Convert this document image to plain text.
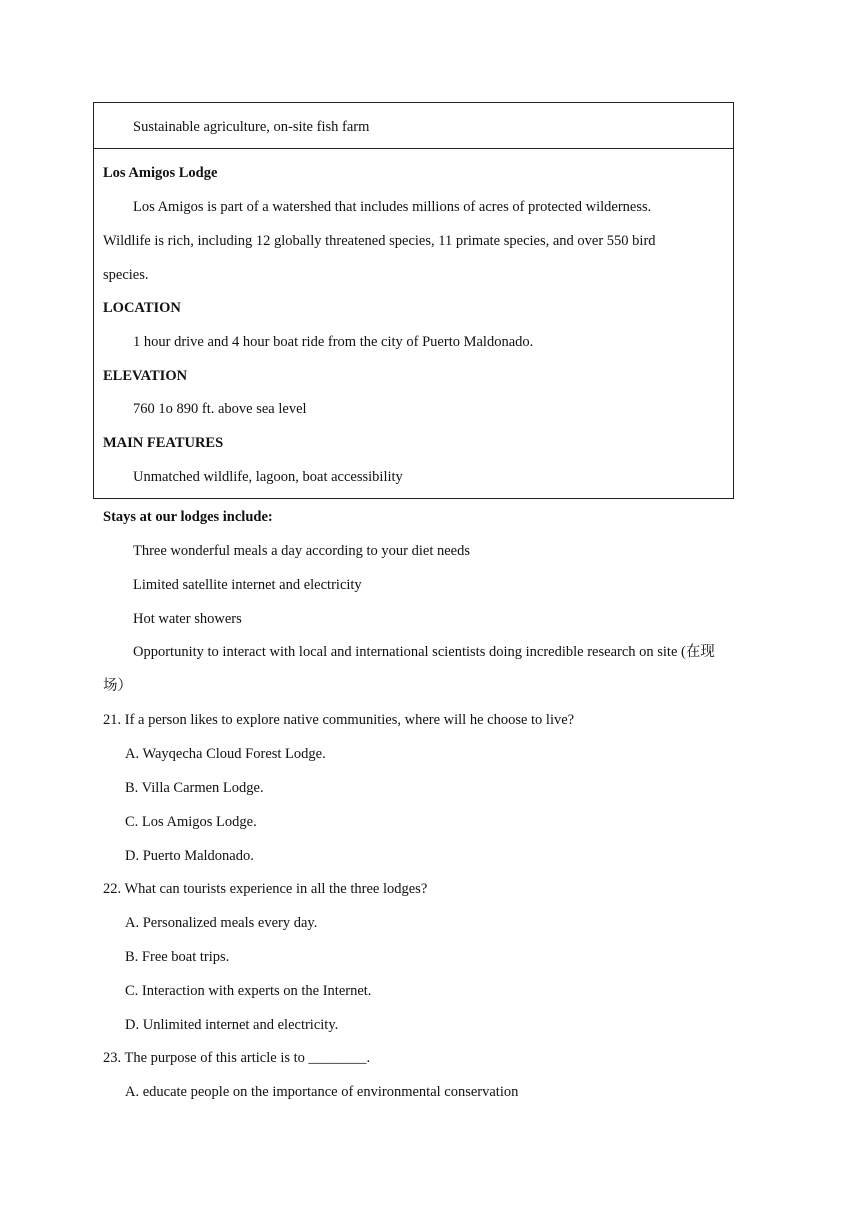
Sustainable agriculture, on-site fish farm
Los Amigos Lodge
Los Amigos is part of a watershed that includes millions of acres of protected wilderness.
Wildlife is rich, including 12 globally threatened species, 11 primate species, and over 550 bird
species.
LOCATION
1 hour drive and 4 hour boat ride from the city of Puerto Maldonado.
ELEVATION
760 1o 890 ft. above sea level
MAIN FEATURES
Unmatched wildlife, lagoon, boat accessibility
Stays at our lodges include:
Three wonderful meals a day according to your diet needs
Limited satellite internet and electricity
Hot water showers
Opportunity to interact with local and international scientists doing incredible research on site (在现
场）
21. If a person likes to explore native communities, where will he choose to live?
A. Wayqecha Cloud Forest Lodge.
B. Villa Carmen Lodge.
C. Los Amigos Lodge.
D. Puerto Maldonado.
22. What can tourists experience in all the three lodges?
A. Personalized meals every day.
B. Free boat trips.
C. Interaction with experts on the Internet.
D. Unlimited internet and electricity.
23. The purpose of this article is to ________.
A. educate people on the importance of environmental conservation
